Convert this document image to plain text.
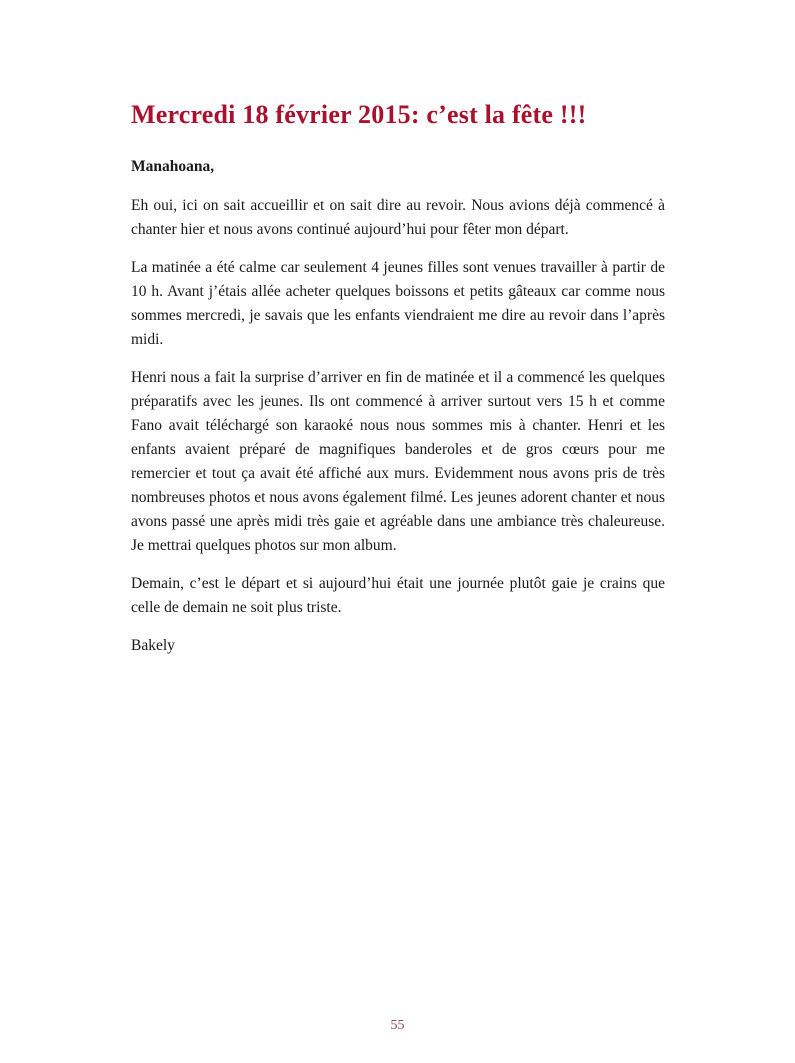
Mercredi 18 février 2015: c’est la fête !!!

Manahoana,

Eh oui, ici on sait accueillir et on sait dire au revoir. Nous avions déjà commencé à chanter hier et nous avons continué aujourd’hui pour fêter mon départ.

La matinée a été calme car seulement 4 jeunes filles sont venues travailler à partir de 10 h. Avant j’étais allée acheter quelques boissons et petits gâteaux car comme nous sommes mercredi, je savais que les enfants viendraient me dire au revoir dans l’après midi.

Henri nous a fait la surprise d’arriver en fin de matinée et il a commencé les quelques préparatifs avec les jeunes. Ils ont commencé à arriver surtout vers 15 h et comme Fano avait téléchargé son karaoké nous nous sommes mis à chanter. Henri et les enfants avaient préparé de magnifiques banderoles et de gros cœurs pour me remercier et tout ça avait été affiché aux murs. Evidemment nous avons pris de très nombreuses photos et nous avons également filmé. Les jeunes adorent chanter et nous avons passé une après midi très gaie et agréable dans une ambiance très chaleureuse. Je mettrai quelques photos sur mon album.

Demain, c’est le départ et si aujourd’hui était une journée plutôt gaie je crains que celle de demain ne soit plus triste.

Bakely

55
